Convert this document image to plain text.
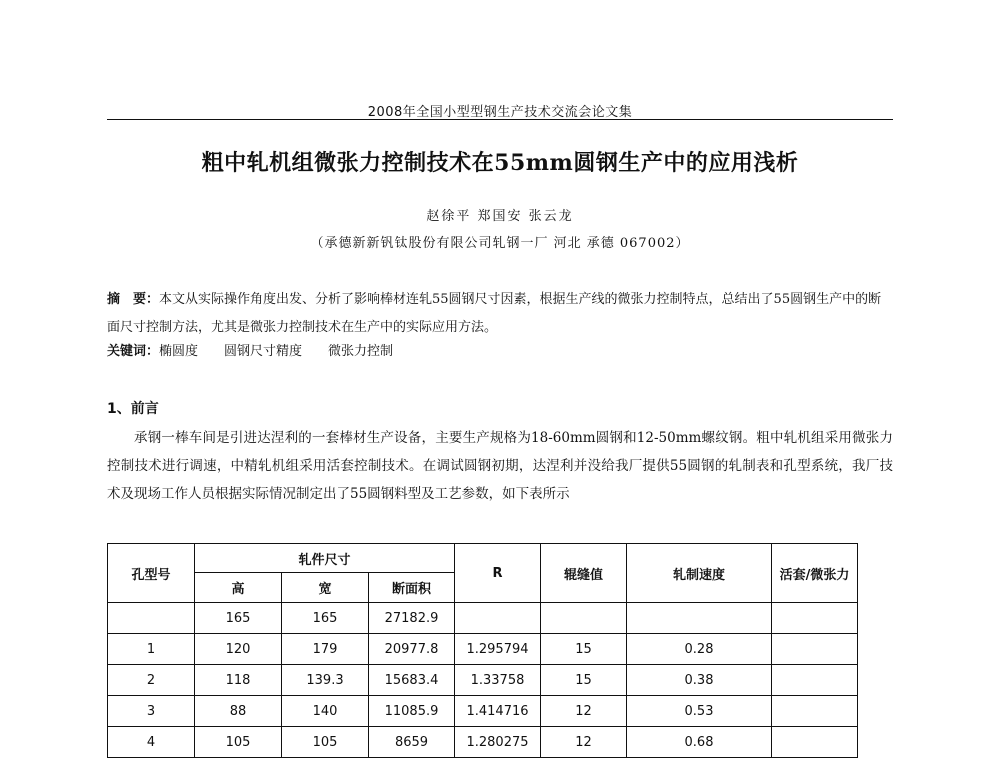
2008年全国小型型钢生产技术交流会论文集
粗中轧机组微张力控制技术在55mm圆钢生产中的应用浅析
赵徐平 郑国安 张云龙
（承德新新钒钛股份有限公司轧钢一厂 河北 承德 067002）

摘　要：本文从实际操作角度出发、分析了影响棒材连轧55圆钢尺寸因素，根据生产线的微张力控制特点，总结出了55圆钢生产中的断面尺寸控制方法，尤其是微张力控制技术在生产中的实际应用方法。

关键词：椭圆度 圆钢尺寸精度 微张力控制
1、前言

承钢一棒车间是引进达涅利的一套棒材生产设备，主要生产规格为18-60mm圆钢和12-50mm螺纹钢。粗中轧机组采用微张力控制技术进行调速，中精轧机组采用活套控制技术。在调试圆钢初期，达涅利并没给我厂提供55圆钢的轧制表和孔型系统，我厂技术及现场工作人员根据实际情况制定出了55圆钢料型及工艺参数，如下表所示

孔型号	轧件尺寸			R	辊缝值	轧制速度	活套/微张力
	高	宽	断面积				
	165	165	27182.9				
1	120	179	20977.8	1.295794	15	0.28	
2	118	139.3	15683.4	1.33758	15	0.38	
3	88	140	11085.9	1.414716	12	0.53	
4	105	105	8659	1.280275	12	0.68	
